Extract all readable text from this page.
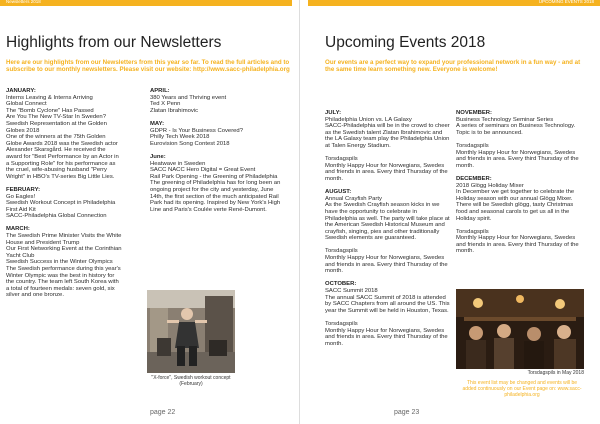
Newsletters 2018
Highlights from our Newsletters

Here are our highlights from our Newsletters from this year so far. To read the full articles and to subscribe to our monthly newsletters. Please visit our website: http://www.sacc-philadelphia.org

JANUARY:

Interns Leaving & Interns Arriving

Global Connect

The "Bomb Cyclone" Has Passed

Are You The New TV-Star In Sweden?

Swedish Representation at the Golden Globes 2018

One of the winners at the 75th Golden Globe Awards 2018 was the Swedish actor Alexander Skarsgård. He received the award for "Best Performance by an Actor in a Supporting Role" for his performance as the cruel, wife-abusing husband "Perry Wright" in HBO's TV-series Big Little Lies.

FEBRUARY:

Go Eagles!

Swedish Workout Concept in Philadelphia

First Aid Kit

SACC-Philadelphia Global Connection

MARCH:

The Swedish Prime Minister Visits the White House and President Trump

Our First Networking Event at the Corinthian Yacht Club

Swedish Success in the Winter Olympics

The Swedish performance during this year's Winter Olympic was the best in history for the country. The team left South Korea with a total of fourteen medals: seven gold, six silver and one bronze.

APRIL:

380 Years and Thriving event

Ted X Penn

Zlatan Ibrahimovic

MAY:

GDPR - Is Your Business Covered?

Philly Tech Week 2018

Eurovision Song Contest 2018

June:

Heatwave in Sweden

SACC NACC Hero Digital = Great Event

Rail Park Opening - the Greening of Philadelphia

The greening of Philadelphia has for long been an ongoing project for the city and yesterday, June 14th, the first section of the much anticipated Rail Park had its opening. Inspired by New York's High Line and Paris's Coulée verte René-Dumont.

"X-force", Swedish workout concept (February)
page 22
UPCOMING EVENTS 2018
Upcoming Events 2018

Our events are a perfect way to expand your professional network in a fun way - and at the same time learn something new. Everyone is welcome!

JULY:

Philadelphia Union vs. LA Galaxy

SACC-Philadelphia will be in the crowd to cheer as the Swedish talent Zlatan Ibrahimovic and the LA Galaxy team play the Philadelphia Union at Talen Energy Stadium.

Torsdagspils

Monthly Happy Hour for Norwegians, Swedes and friends in area. Every third Thursday of the month.

AUGUST:

Annual Crayfish Party

As the Swedish Crayfish season kicks in we have the opportunity to celebrate in Philadelphia as well. The party will take place at the American Swedish Historical Museum and crayfish, singing, pies and other traditionally Swedish elements are guaranteed.

Torsdagspils

Monthly Happy Hour for Norwegians, Swedes and friends in area. Every third Thursday of the month.

OCTOBER:

SACC Summit 2018

The annual SACC Summit of 2018 is attended by SACC Chapters from all around the US. This year the Summit will be held in Houston, Texas.

Torsdagspils

Monthly Happy Hour for Norwegians, Swedes and friends in area. Every third Thursday of the month.

NOVEMBER:

Business Technology Seminar Series

A series of seminars on Business Technology. Topic is to be announced.

Torsdagspils

Monthly Happy Hour for Norwegians, Swedes and friends in area. Every third Thursday of the month.

DECEMBER:

2018 Glögg Holiday Mixer

In December we get together to celebrate the Holiday season with our annual Glögg Mixer. There will be Swedish glögg, tasty Christmas food and seasonal carols to get us all in the Holiday spirit.

Torsdagspils

Monthly Happy Hour for Norwegians, Swedes and friends in area. Every third Thursday of the month.

Torsdagspils in May 2018
This event list may be changed and events will be added continuously on our Event page on: www.sacc-philadelphia.org
page 23
